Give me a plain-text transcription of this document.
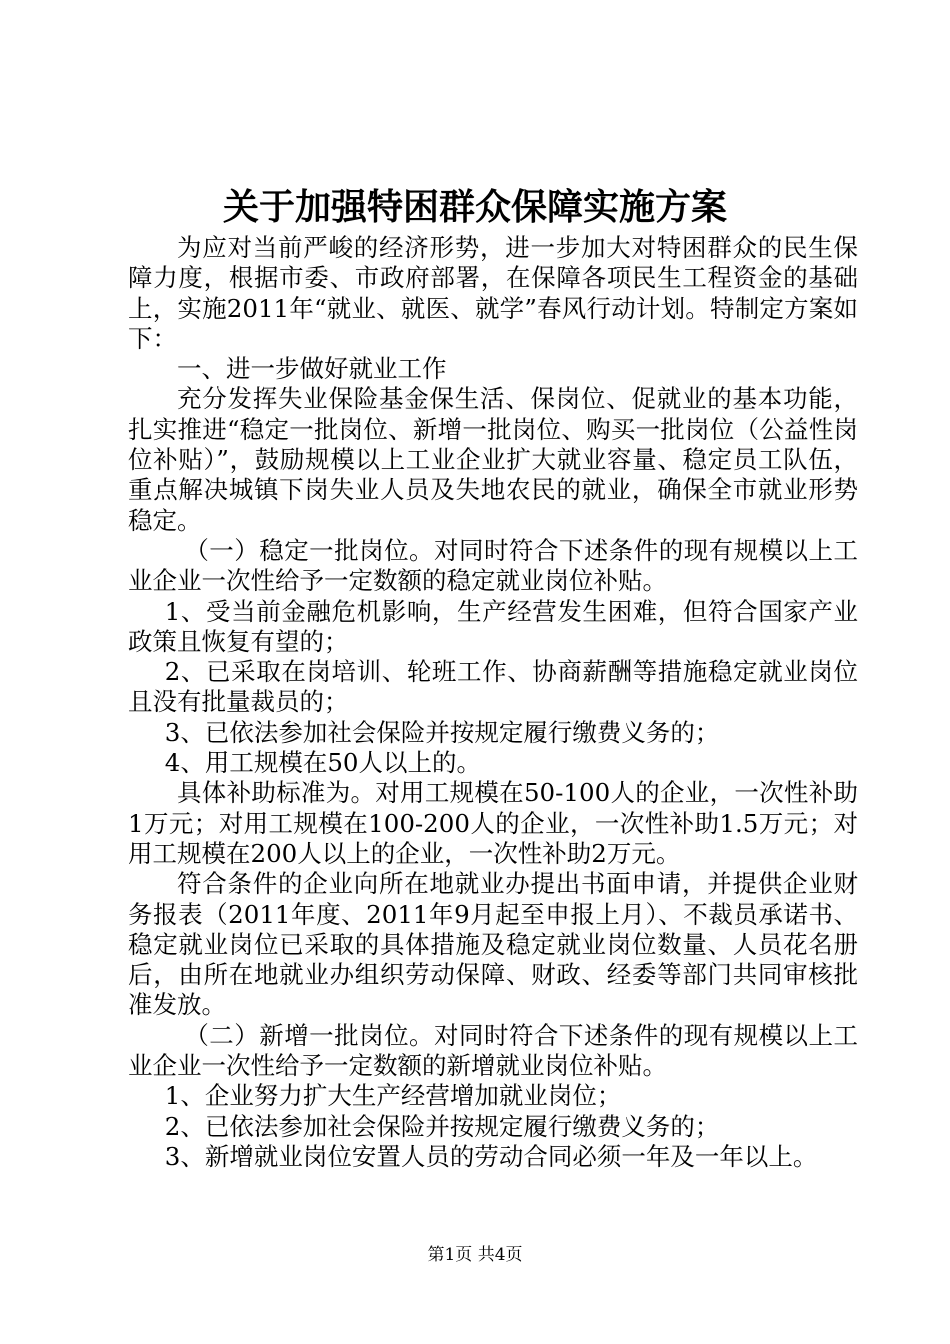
关于加强特困群众保障实施方案

为应对当前严峻的经济形势，进一步加大对特困群众的民生保障力度，根据市委、市政府部署，在保障各项民生工程资金的基础上，实施2011年“就业、就医、就学”春风行动计划。特制定方案如下：

一、进一步做好就业工作

充分发挥失业保险基金保生活、保岗位、促就业的基本功能，扎实推进“稳定一批岗位、新增一批岗位、购买一批岗位（公益性岗位补贴）”，鼓励规模以上工业企业扩大就业容量、稳定员工队伍，重点解决城镇下岗失业人员及失地农民的就业，确保全市就业形势稳定。

（一）稳定一批岗位。对同时符合下述条件的现有规模以上工业企业一次性给予一定数额的稳定就业岗位补贴。

1、受当前金融危机影响，生产经营发生困难，但符合国家产业政策且恢复有望的；

2、已采取在岗培训、轮班工作、协商薪酬等措施稳定就业岗位且没有批量裁员的；

3、已依法参加社会保险并按规定履行缴费义务的；

4、用工规模在50人以上的。

具体补助标准为。对用工规模在50-100人的企业，一次性补助1万元；对用工规模在100-200人的企业，一次性补助1.5万元；对用工规模在200人以上的企业，一次性补助2万元。

符合条件的企业向所在地就业办提出书面申请，并提供企业财务报表（2011年度、2011年9月起至申报上月）、不裁员承诺书、稳定就业岗位已采取的具体措施及稳定就业岗位数量、人员花名册后，由所在地就业办组织劳动保障、财政、经委等部门共同审核批准发放。

（二）新增一批岗位。对同时符合下述条件的现有规模以上工业企业一次性给予一定数额的新增就业岗位补贴。

1、企业努力扩大生产经营增加就业岗位；

2、已依法参加社会保险并按规定履行缴费义务的；

3、新增就业岗位安置人员的劳动合同必须一年及一年以上。

第1页 共4页
